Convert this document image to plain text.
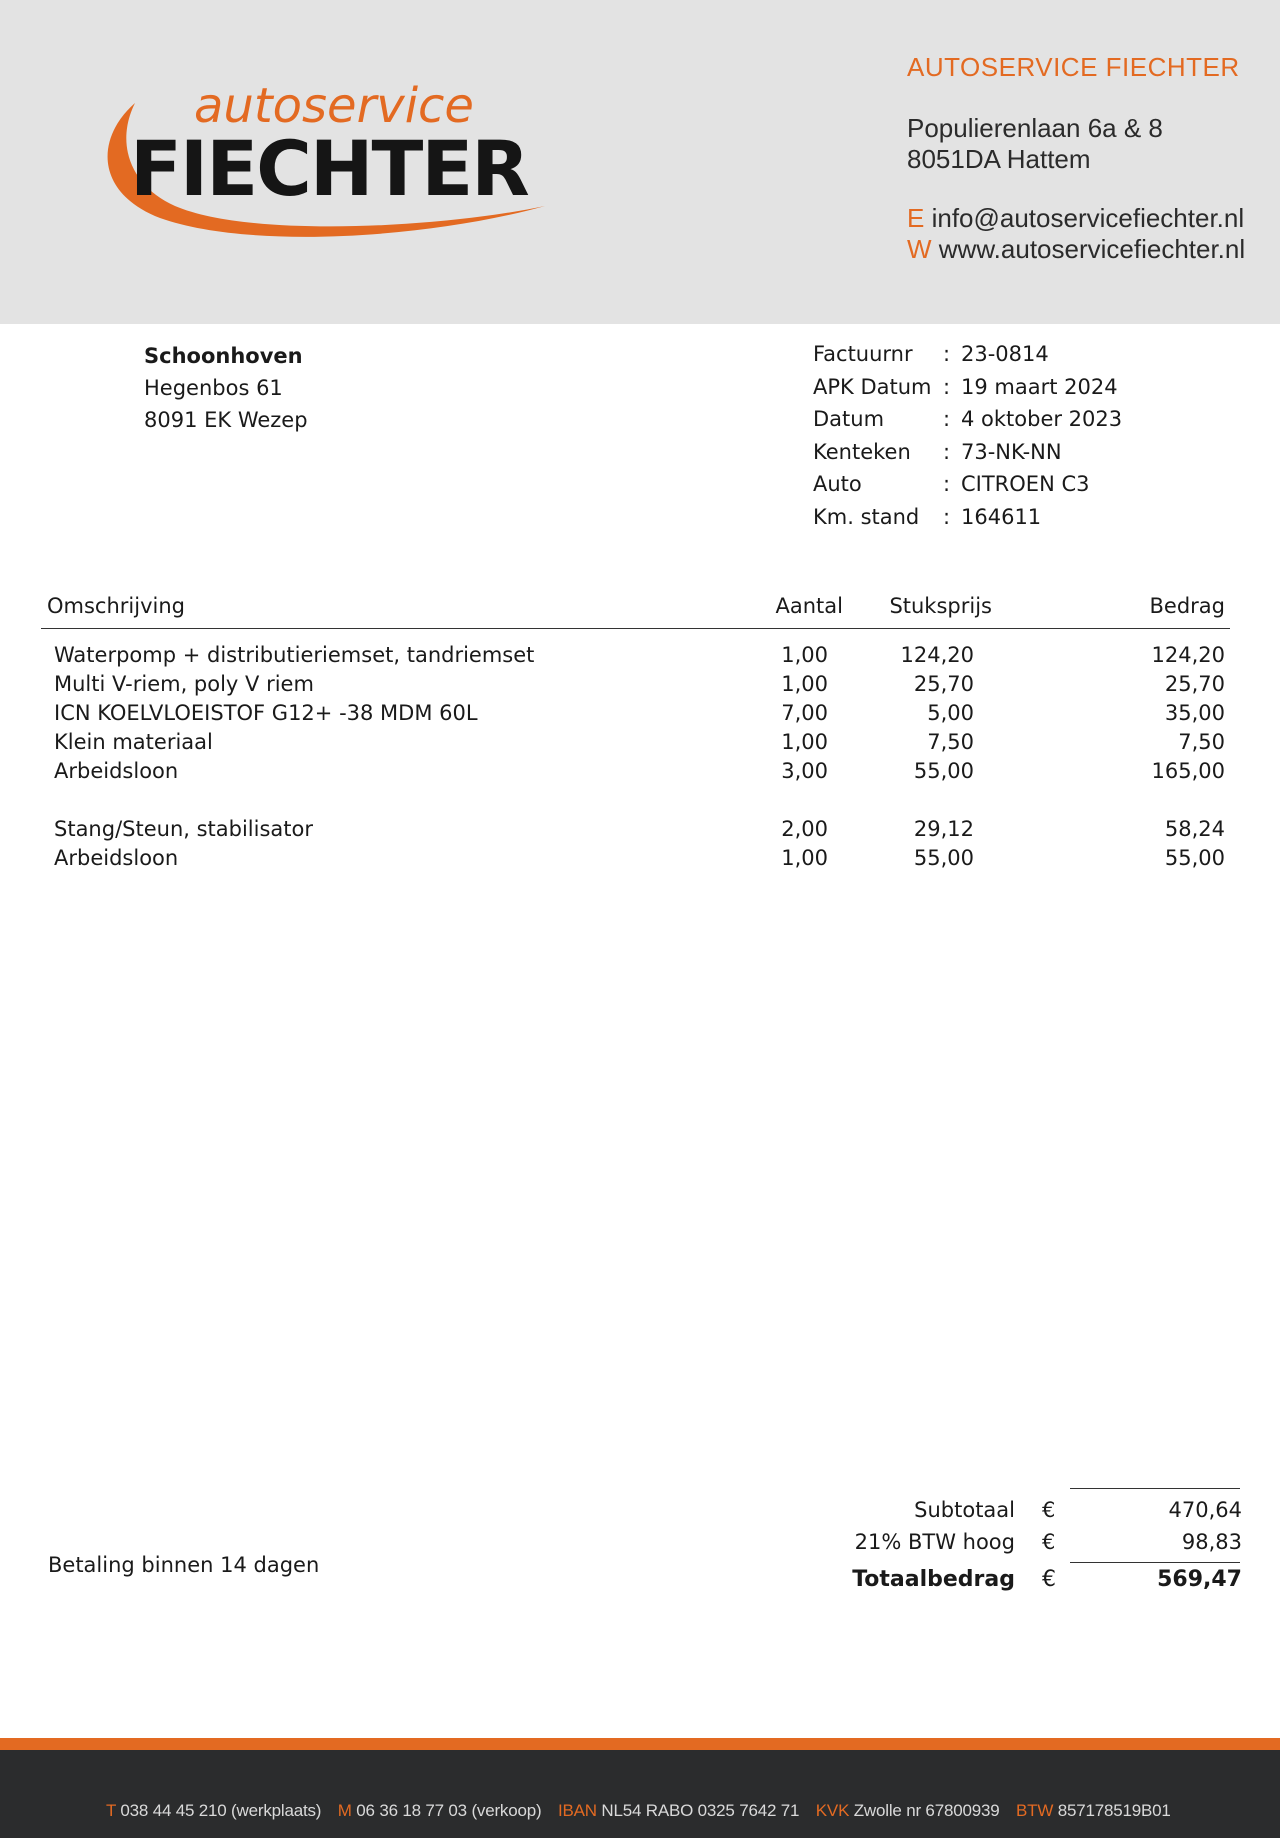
autoservice
FIECHTER
AUTOSERVICE FIECHTER
Populierenlaan 6a & 8
8051DA Hattem
E info@autoservicefiechter.nl
W www.autoservicefiechter.nl
Schoonhoven
Hegenbos 61
8091 EK Wezep
Factuurnr	: 23-0814
APK Datum : 19 maart 2024
Datum	: 4 oktober 2023
Kenteken	: 73-NK-NN
Auto	: CITROEN C3
Km. stand	: 164611
Omschrijving	Aantal Stuksprijs	Bedrag
Waterpomp + distributieriemset, tandriemset	1,00	124,20	124,20
Multi V-riem, poly V riem	1,00	25,70	25,70
ICN KOELVLOEISTOF G12+ -38 MDM 60L	7,00	5,00	35,00
Klein materiaal	1,00	7,50	7,50
Arbeidsloon	3,00	55,00	165,00
Stang/Steun, stabilisator	2,00	29,12	58,24
Arbeidsloon	1,00	55,00	55,00
Betaling binnen 14 dagen
Subtotaal €	470,64
21% BTW hoog €	98,83
Totaalbedrag €	569,47
T 038 44 45 210 (werkplaats) M 06 36 18 77 03 (verkoop) IBAN NL54 RABO 0325 7642 71 KVK Zwolle nr 67800939 BTW 857178519B01
